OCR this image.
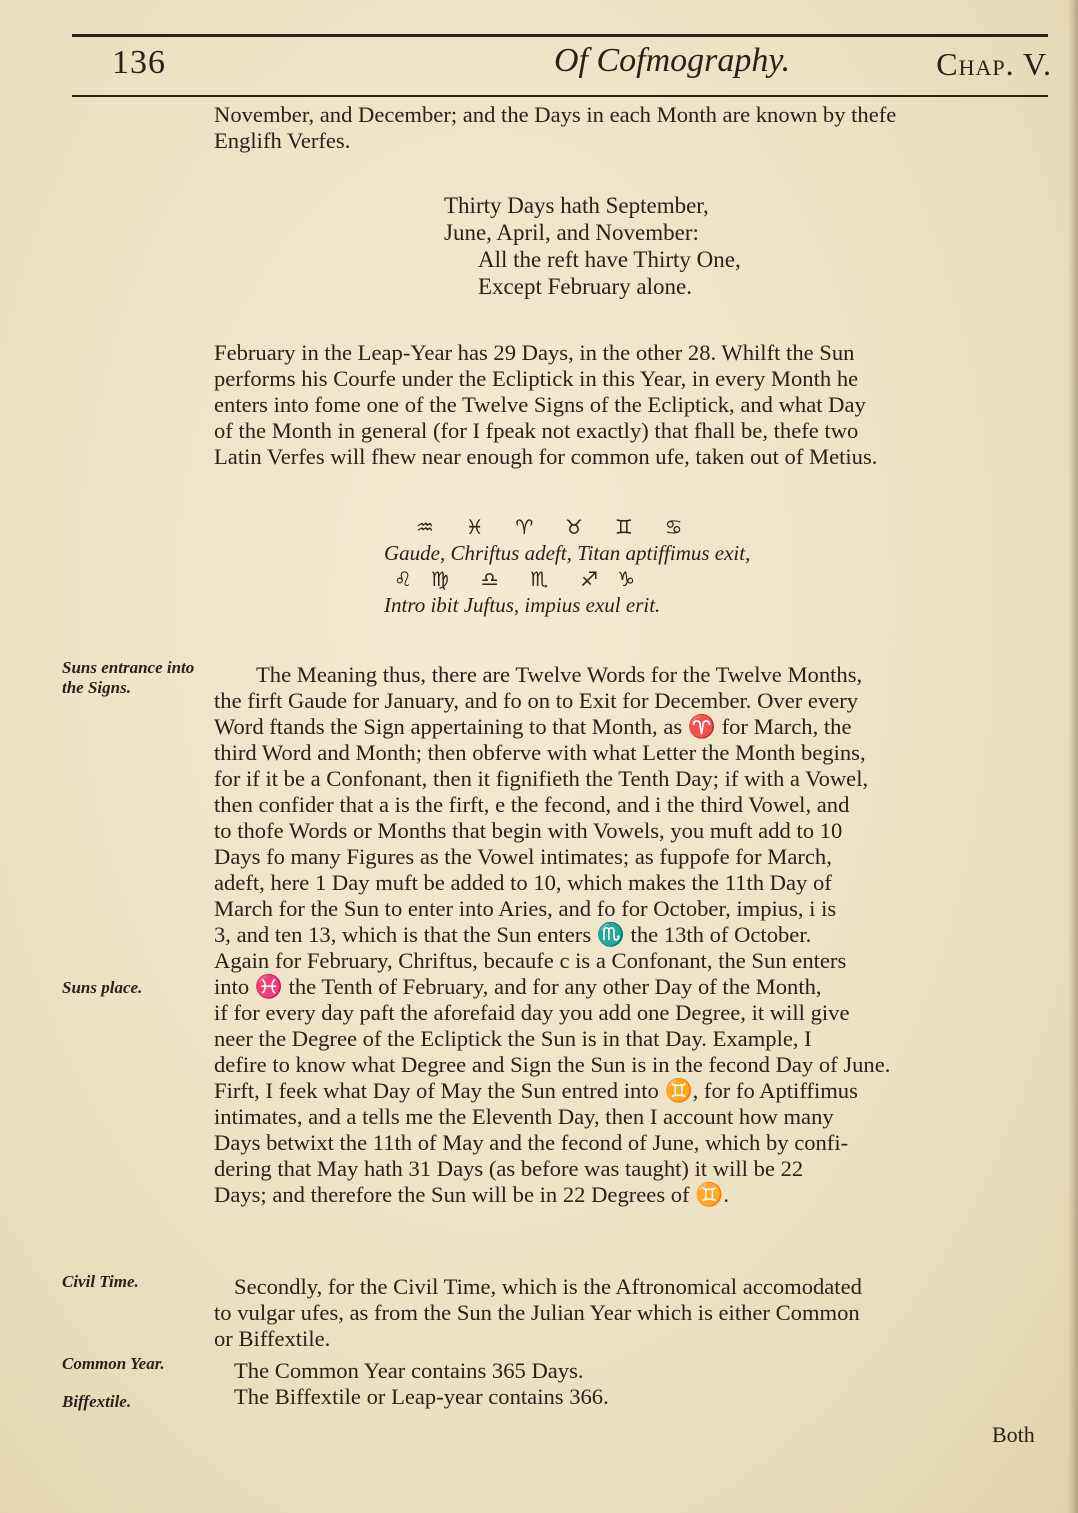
136	Of Cofmography.	Chap. V.
November, and December; and the Days in each Month are known by thefe
Englifh Verfes.
Thirty Days hath September,
June, April, and November:
All the reft have Thirty One,
Except February alone.
February in the Leap-Year has 29 Days, in the other 28. Whilft the Sun
performs his Courfe under the Ecliptick in this Year, in every Month he
enters into fome one of the Twelve Signs of the Ecliptick, and what Day
of the Month in general (for I fpeak not exactly) that fhall be, thefe two
Latin Verfes will fhew near enough for common ufe, taken out of Metius.
♒     ♓     ♈     ♉     ♊     ♋
Gaude, Chriftus adeft, Titan aptiffimus exit,
♌   ♍     ♎     ♏     ♐   ♑
Intro ibit Juftus, impius exul erit.
Suns entrance into the Signs.
Suns place.
Civil Time.
Common Year.
Biffextile.
The Meaning thus, there are Twelve Words for the Twelve Months,
the firft Gaude for January, and fo on to Exit for December. Over every
Word ftands the Sign appertaining to that Month, as ♈ for March, the
third Word and Month; then obferve with what Letter the Month begins,
for if it be a Confonant, then it fignifieth the Tenth Day; if with a Vowel,
then confider that a is the firft, e the fecond, and i the third Vowel, and
to thofe Words or Months that begin with Vowels, you muft add to 10
Days fo many Figures as the Vowel intimates; as fuppofe for March,
adeft, here 1 Day muft be added to 10, which makes the 11th Day of
March for the Sun to enter into Aries, and fo for October, impius, i is
3, and ten 13, which is that the Sun enters ♏ the 13th of October.
Again for February, Chriftus, becaufe c is a Confonant, the Sun enters
into ♓ the Tenth of February, and for any other Day of the Month,
if for every day paft the aforefaid day you add one Degree, it will give
neer the Degree of the Ecliptick the Sun is in that Day. Example, I
defire to know what Degree and Sign the Sun is in the fecond Day of June.
Firft, I feek what Day of May the Sun entred into ♊, for fo Aptiffimus
intimates, and a tells me the Eleventh Day, then I account how many
Days betwixt the 11th of May and the fecond of June, which by confi-
dering that May hath 31 Days (as before was taught) it will be 22
Days; and therefore the Sun will be in 22 Degrees of ♊.
Secondly, for the Civil Time, which is the Aftronomical accomodated
to vulgar ufes, as from the Sun the Julian Year which is either Common
or Biffextile.
The Common Year contains 365 Days.
The Biffextile or Leap-year contains 366.
Both
